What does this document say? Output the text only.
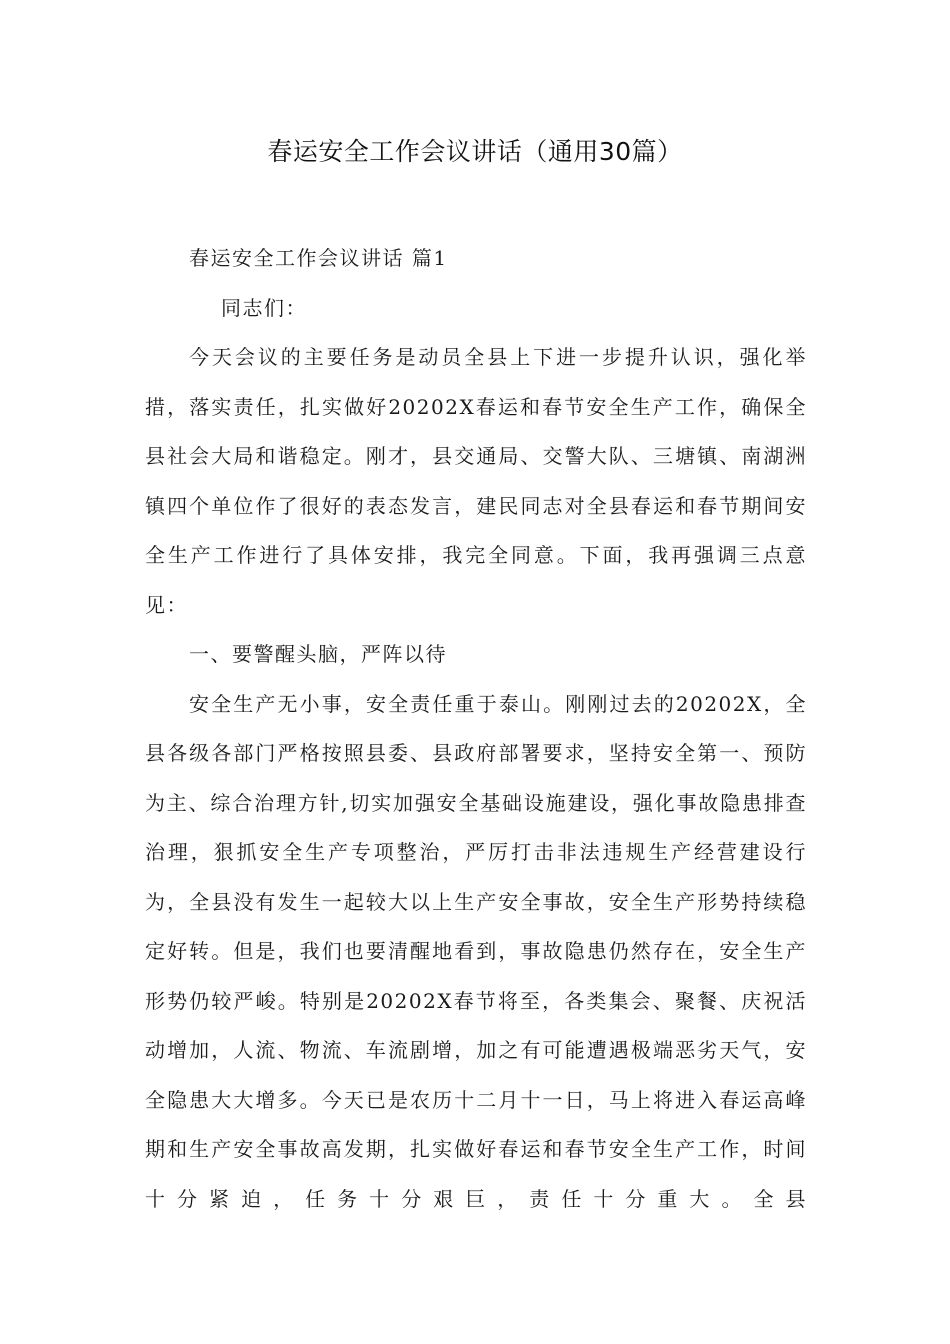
春运安全工作会议讲话（通用30篇）

春运安全工作会议讲话 篇1

同志们：

今天会议的主要任务是动员全县上下进一步提升认识，强化举措，落实责任，扎实做好20202X春运和春节安全生产工作，确保全县社会大局和谐稳定。刚才，县交通局、交警大队、三塘镇、南湖洲镇四个单位作了很好的表态发言，建民同志对全县春运和春节期间安全生产工作进行了具体安排，我完全同意。下面，我再强调三点意见：

一、要警醒头脑，严阵以待

安全生产无小事，安全责任重于泰山。刚刚过去的20202X，全县各级各部门严格按照县委、县政府部署要求，坚持安全第一、预防为主、综合治理方针,切实加强安全基础设施建设，强化事故隐患排查治理，狠抓安全生产专项整治，严厉打击非法违规生产经营建设行为，全县没有发生一起较大以上生产安全事故，安全生产形势持续稳定好转。但是，我们也要清醒地看到，事故隐患仍然存在，安全生产形势仍较严峻。特别是20202X春节将至，各类集会、聚餐、庆祝活动增加，人流、物流、车流剧增，加之有可能遭遇极端恶劣天气，安全隐患大大增多。今天已是农历十二月十一日，马上将进入春运高峰期和生产安全事故高发期，扎实做好春运和春节安全生产工作，时间十分紧迫，任务十分艰巨，责任十分重大。全县
